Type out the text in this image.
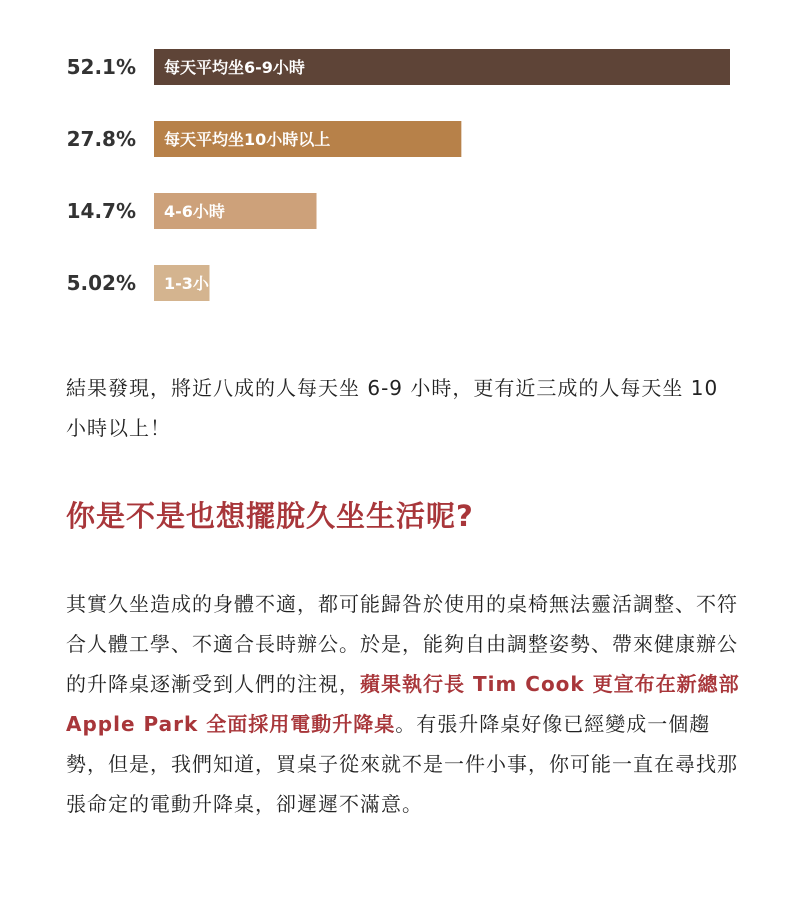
52.1% 每天平均坐6-9小時
27.8% 每天平均坐10小時以上
14.7% 4-6小時
5.02% 1-3小時

結果發現，將近八成的人每天坐 6-9 小時，更有近三成的人每天坐 10 小時以上！

你是不是也想擺脫久坐生活呢?

其實久坐造成的身體不適，都可能歸咎於使用的桌椅無法靈活調整、不符合人體工學、不適合長時辦公。於是，能夠自由調整姿勢、帶來健康辦公的升降桌逐漸受到人們的注視，蘋果執行長 Tim Cook 更宣布在新總部 Apple Park 全面採用電動升降桌。有張升降桌好像已經變成一個趨勢，但是，我們知道，買桌子從來就不是一件小事，你可能一直在尋找那張命定的電動升降桌，卻遲遲不滿意。
